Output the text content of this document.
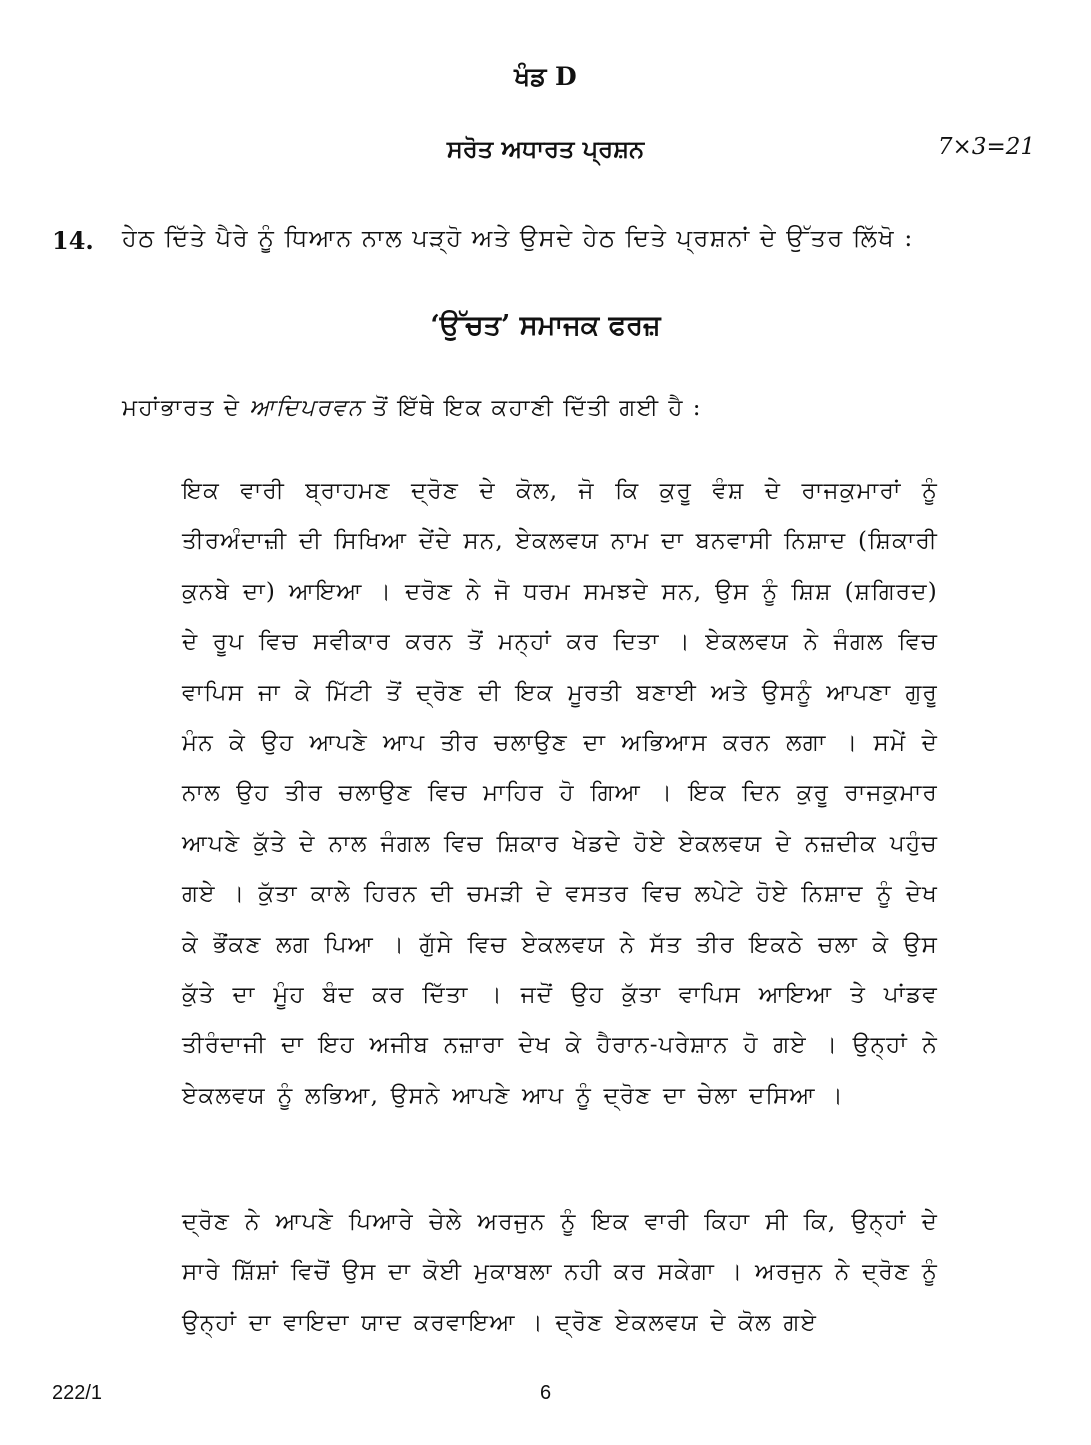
ਖੰਡ D
ਸਰੋਤ ਅਧਾਰਤ ਪ੍ਰਸ਼ਨ	7×3=21
14. ਹੇਠ ਦਿੱਤੇ ਪੈਰੇ ਨੂੰ ਧਿਆਨ ਨਾਲ ਪੜ੍ਹੋ ਅਤੇ ਉਸਦੇ ਹੇਠ ਦਿਤੇ ਪ੍ਰਸ਼ਨਾਂ ਦੇ ਉੱਤਰ ਲਿੱਖੋ :
‘ਉੱਚਤ’ ਸਮਾਜਕ ਫਰਜ਼
ਮਹਾਂਭਾਰਤ ਦੇ ਆਦਿਪਰਵਨ ਤੋਂ ਇੱਥੇ ਇਕ ਕਹਾਣੀ ਦਿੱਤੀ ਗਈ ਹੈ :
ਇਕ ਵਾਰੀ ਬ੍ਰਾਹਮਣ ਦ੍ਰੋਣ ਦੇ ਕੋਲ, ਜੋ ਕਿ ਕੁਰੂ ਵੰਸ਼ ਦੇ ਰਾਜਕੁਮਾਰਾਂ ਨੂੰ ਤੀਰਅੰਦਾਜ਼ੀ ਦੀ ਸਿਖਿਆ ਦੇਂਦੇ ਸਨ, ਏਕਲਵਯ ਨਾਮ ਦਾ ਬਨਵਾਸੀ ਨਿਸ਼ਾਦ (ਸ਼ਿਕਾਰੀ ਕੁਨਬੇ ਦਾ) ਆਇਆ । ਦਰੋਣ ਨੇ ਜੋ ਧਰਮ ਸਮਝਦੇ ਸਨ, ਉਸ ਨੂੰ ਸ਼ਿਸ਼ (ਸ਼ਗਿਰਦ) ਦੇ ਰੂਪ ਵਿਚ ਸਵੀਕਾਰ ਕਰਨ ਤੋਂ ਮਨ੍ਹਾਂ ਕਰ ਦਿਤਾ । ਏਕਲਵਯ ਨੇ ਜੰਗਲ ਵਿਚ ਵਾਪਿਸ ਜਾ ਕੇ ਮਿੱਟੀ ਤੋਂ ਦ੍ਰੋਣ ਦੀ ਇਕ ਮੂਰਤੀ ਬਣਾਈ ਅਤੇ ਉਸਨੂੰ ਆਪਣਾ ਗੁਰੂ ਮੰਨ ਕੇ ਉਹ ਆਪਣੇ ਆਪ ਤੀਰ ਚਲਾਉਣ ਦਾ ਅਭਿਆਸ ਕਰਨ ਲਗਾ । ਸਮੇਂ ਦੇ ਨਾਲ ਉਹ ਤੀਰ ਚਲਾਉਣ ਵਿਚ ਮਾਹਿਰ ਹੋ ਗਿਆ । ਇਕ ਦਿਨ ਕੁਰੂ ਰਾਜਕੁਮਾਰ ਆਪਣੇ ਕੁੱਤੇ ਦੇ ਨਾਲ ਜੰਗਲ ਵਿਚ ਸ਼ਿਕਾਰ ਖੇਡਦੇ ਹੋਏ ਏਕਲਵਯ ਦੇ ਨਜ਼ਦੀਕ ਪਹੁੰਚ ਗਏ । ਕੁੱਤਾ ਕਾਲੇ ਹਿਰਨ ਦੀ ਚਮੜੀ ਦੇ ਵਸਤਰ ਵਿਚ ਲਪੇਟੇ ਹੋਏ ਨਿਸ਼ਾਦ ਨੂੰ ਦੇਖ ਕੇ ਭੌਂਕਣ ਲਗ ਪਿਆ । ਗੁੱਸੇ ਵਿਚ ਏਕਲਵਯ ਨੇ ਸੱਤ ਤੀਰ ਇਕਠੇ ਚਲਾ ਕੇ ਉਸ ਕੁੱਤੇ ਦਾ ਮੂੰਹ ਬੰਦ ਕਰ ਦਿੱਤਾ । ਜਦੋਂ ਉਹ ਕੁੱਤਾ ਵਾਪਿਸ ਆਇਆ ਤੇ ਪਾਂਡਵ ਤੀਰੰਦਾਜੀ ਦਾ ਇਹ ਅਜੀਬ ਨਜ਼ਾਰਾ ਦੇਖ ਕੇ ਹੈਰਾਨ-ਪਰੇਸ਼ਾਨ ਹੋ ਗਏ । ਉਨ੍ਹਾਂ ਨੇ ਏਕਲਵਯ ਨੂੰ ਲਭਿਆ, ਉਸਨੇ ਆਪਣੇ ਆਪ ਨੂੰ ਦ੍ਰੋਣ ਦਾ ਚੇਲਾ ਦਸਿਆ ।
ਦ੍ਰੋਣ ਨੇ ਆਪਣੇ ਪਿਆਰੇ ਚੇਲੇ ਅਰਜੁਨ ਨੂੰ ਇਕ ਵਾਰੀ ਕਿਹਾ ਸੀ ਕਿ, ਉਨ੍ਹਾਂ ਦੇ ਸਾਰੇ ਸ਼ਿੱਸ਼ਾਂ ਵਿਚੋਂ ਉਸ ਦਾ ਕੋਈ ਮੁਕਾਬਲਾ ਨਹੀ ਕਰ ਸਕੇਗਾ । ਅਰਜੁਨ ਨੇ ਦ੍ਰੋਣ ਨੂੰ ਉਨ੍ਹਾਂ ਦਾ ਵਾਇਦਾ ਯਾਦ ਕਰਵਾਇਆ । ਦ੍ਰੋਣ ਏਕਲਵਯ ਦੇ ਕੋਲ ਗਏ
222/1	6
